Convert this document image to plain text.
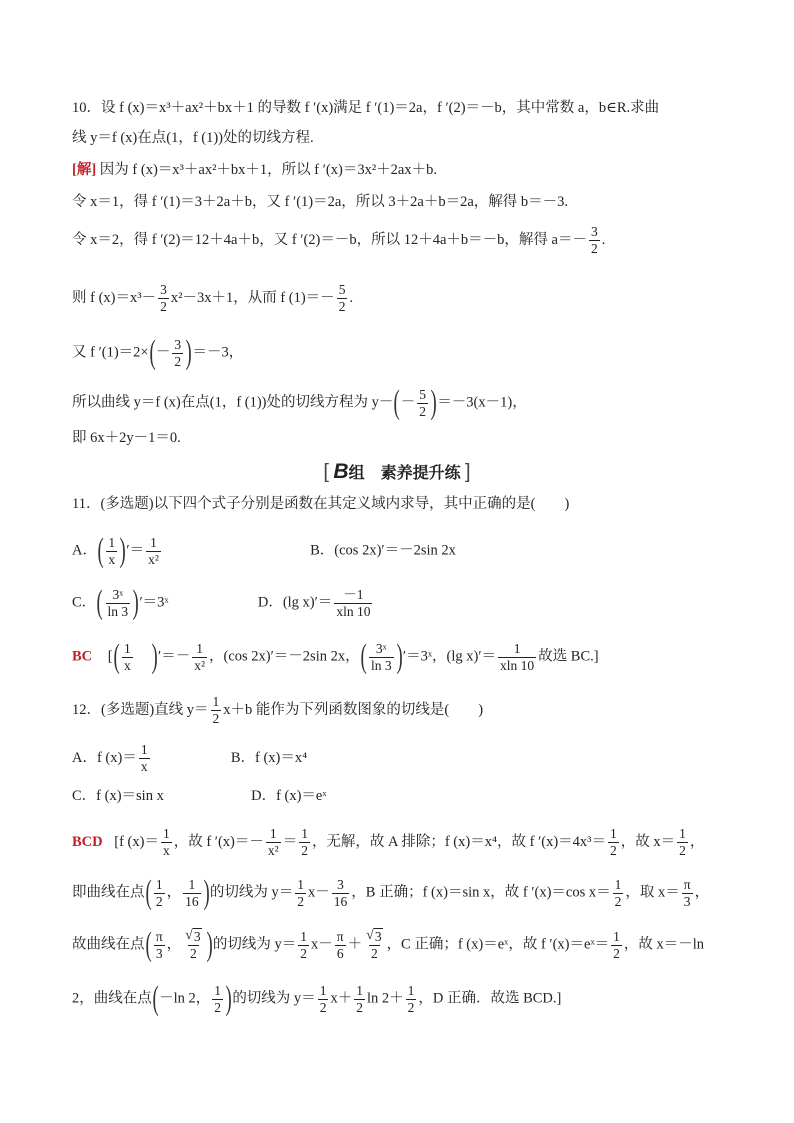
10．设 f (x)＝x³＋ax²＋bx＋1 的导数 f ′(x)满足 f ′(1)＝2a，f ′(2)＝－b，其中常数 a，b∈R.求曲
线 y＝f (x)在点(1，f (1))处的切线方程.
[解] 因为 f (x)＝x³＋ax²＋bx＋1，所以 f ′(x)＝3x²＋2ax＋b.
令 x＝1，得 f ′(1)＝3＋2a＋b，又 f ′(1)＝2a，所以 3＋2a＋b＝2a，解得 b＝－3.
令 x＝2，得 f ′(2)＝12＋4a＋b，又 f ′(2)＝－b，所以 12＋4a＋b＝－b，解得 $a=- \frac{3}{2}$ .
则 f $(x)=x^3- \frac{3}{2} x^2-3x+1$，从而 f $(1)=- \frac{5}{2}$ .
又 f $'(1)=2\times(- \frac{3}{2} )=-3$，
所以曲线 y＝f (x)在点(1，f (1))处的切线方程为 $y-(- \frac{5}{2} )=-3(x-1)$，
即 6x＋2y－1＝0.
[ B组　素养提升练 ]
11．(多选题)以下四个式子分别是函数在其定义域内求导，其中正确的是(　　)
A．( $\frac{1}{x}$ )′＝ $\frac{1}{\text{x²}}$	B．(cos 2x)′＝－2sin 2x
C．( $\frac{\text{3ˣ}}{\ln 3}$ )′＝3ˣ	D．(lg $x)'= \frac{-1}{xln 10}$
BC [( $\frac{1}{x}$ )′＝－ $\frac{1}{\text{x²}}$ ，(cos 2x)′＝－2sin 2x，( $\frac{\text{3ˣ}}{\ln 3}$ )′＝3ˣ，(lg $x)'= \frac{1}{xln 10}$ 故选 BC.]
12．(多选题)直线 $y= \frac{1}{2} x+b$ 能作为下列函数图象的切线是(　　)
A．f $(x)= \frac{1}{x}$	B．f (x)＝x⁴
C．f (x)＝sin x	D．f (x)＝eˣ
BCD [f $(x)= \frac{1}{x}$ ，故 f $'(x)=- \frac{1}{\text{x²}} = \frac{1}{2}$ ，无解，故 A 排除；f (x)＝x⁴，故 f $'(x)=4x^3= \frac{1}{2}$ ，故 $x= \frac{1}{2}$ ，
即曲线在点( $\frac{1}{2}$ ， $\frac{1}{16}$ )的切线为 $y= \frac{1}{2} x- \frac{3}{16}$ ，B 正确；f (x)＝sin x，故 f ′(x)＝cos $x= \frac{1}{2}$ ，取 $x= \frac{\pi}{3}$ ，
故曲线在点( $\frac{\pi}{3}$ ， $\frac{√ 3}{2}$ )的切线为 $y= \frac{1}{2} x- \frac{\pi}{6} + \frac{√ 3}{2}$ ，C 正确；f (x)＝eˣ，故 f ′(x)＝eˣ＝ $\frac{1}{2}$ ，故 x＝－ln
2，曲线在点(－ln 2， $\frac{1}{2}$ )的切线为 $y= \frac{1}{2} x+ \frac{1}{2}$ $\ln 2+ \frac{1}{2}$ ，D 正确．故选 BCD.]
